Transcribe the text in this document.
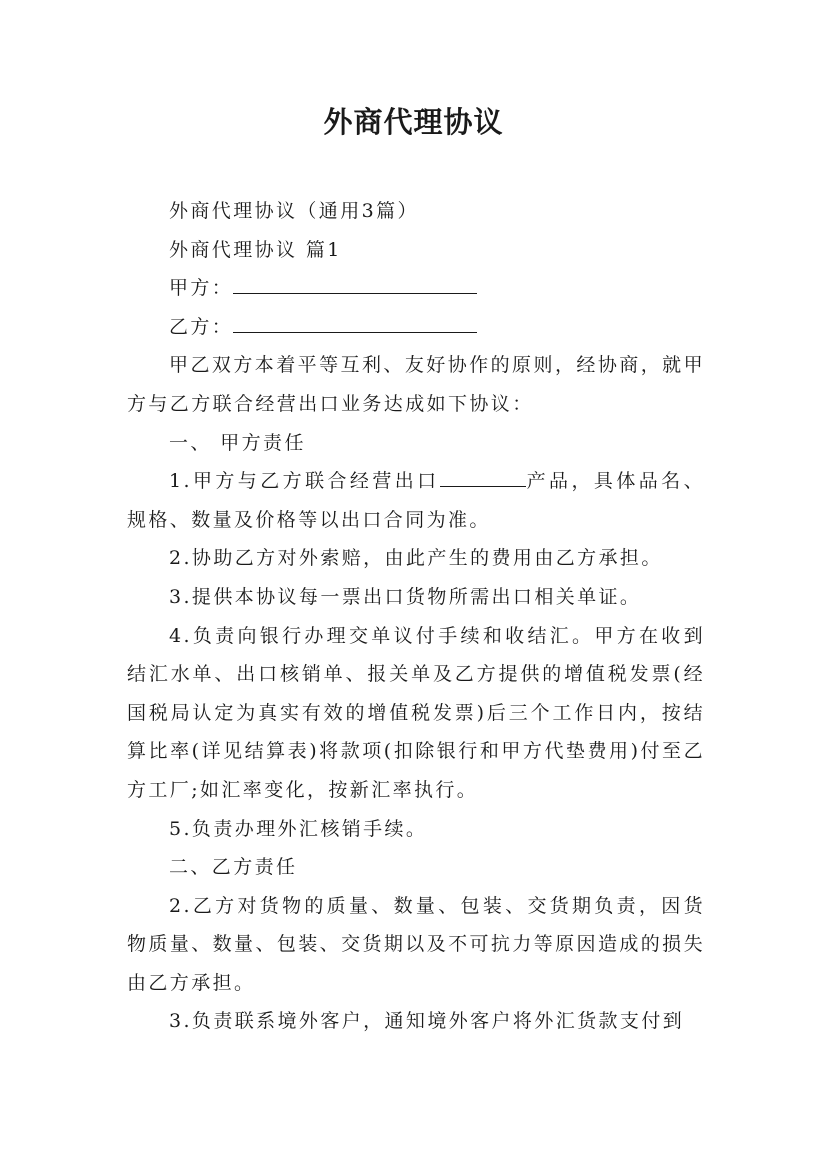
外商代理协议

外商代理协议（通用3篇）

外商代理协议 篇1

甲方：

乙方：

甲乙双方本着平等互利、友好协作的原则，经协商，就甲方与乙方联合经营出口业务达成如下协议：

一、 甲方责任

1.甲方与乙方联合经营出口	产品，具体品名、规格、数量及价格等以出口合同为准。

2.协助乙方对外索赔，由此产生的费用由乙方承担。

3.提供本协议每一票出口货物所需出口相关单证。

4.负责向银行办理交单议付手续和收结汇。甲方在收到结汇水单、出口核销单、报关单及乙方提供的增值税发票(经国税局认定为真实有效的增值税发票)后三个工作日内，按结算比率(详见结算表)将款项(扣除银行和甲方代垫费用)付至乙方工厂;如汇率变化，按新汇率执行。

5.负责办理外汇核销手续。

二、乙方责任

2.乙方对货物的质量、数量、包装、交货期负责，因货物质量、数量、包装、交货期以及不可抗力等原因造成的损失由乙方承担。

3.负责联系境外客户，通知境外客户将外汇货款支付到
